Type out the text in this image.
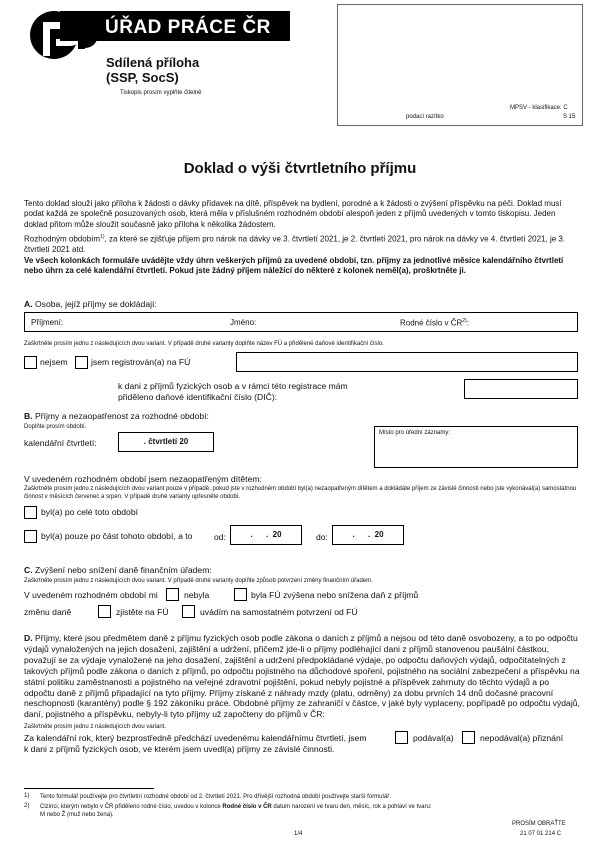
ÚŘAD PRÁCE ČR
Sdílená příloha
(SSP, SocS)
Tiskopis prosím vyplňte čitelně
podací razítko
MPSV - klasifikace: C
S 15
Doklad o výši čtvrtletního příjmu
Tento doklad slouží jako příloha k žádosti o dávky přídavek na dítě, příspěvek na bydlení, porodné a k žádosti o zvýšení příspěvku na péči. Doklad musí podat každá ze společně posuzovaných osob, která měla v příslušném rozhodném období alespoň jeden z příjmů uvedených v tomto tiskopisu. Jeden doklad přitom může sloužit současně jako příloha k několika žádostem.
Rozhodným obdobím$^{1)}$, za které se zjišťuje příjem pro nárok na dávky ve 3. čtvrtletí 2021, je 2. čtvrtletí 2021, pro nárok na dávky ve 4. čtvrtletí 2021, je 3. čtvrtletí 2021 atd.
Ve všech kolonkách formuláře uvádějte vždy úhrn veškerých příjmů za uvedené období, tzn. příjmy za jednotlivé měsíce kalendářního čtvrtletí nebo úhrn za celé kalendářní čtvrtletí. Pokud jste žádný příjem náležící do některé z kolonek neměl(a), proškrtněte ji.
A. Osoba, jejíž příjmy se dokládají:
Příjmení:	Jméno:	Rodné číslo v ČR$^{2)}$:
Zaškrtněte prosím jednu z následujících dvou variant. V případě druhé varianty doplňte název FÚ a přidělené daňové identifikační číslo.
nejsem	jsem registrován(a) na FÚ
k dani z příjmů fyzických osob a v rámci této registrace mám přiděleno daňové identifikační číslo (DIČ):
B. Příjmy a nezaopatřenost za rozhodné období:
Doplňte prosím období.
kalendářní čtvrtletí:	. čtvrtletí 20
Místo pro úřední záznamy:
V uvedeném rozhodném období jsem nezaopatřeným dítětem:
Zaškrtněte prosím jednu z následujících dvou variant pouze v případě, pokud jste v rozhodném období byl(a) nezaopatřeným dítětem a dokládáte příjem ze závislé činnosti nebo jste vykonával(a) samostatnou činnost v měsících červenec a srpen. V případě druhé varianty upřesněte období.
byl(a) po celé toto období
byl(a) pouze po část tohoto období, a to	od:	.      .  20	do:	.      .  20
C. Zvýšení nebo snížení daně finančním úřadem:
Zaškrtněte prosím jednu z následujících dvou variant. V případě druhé varianty doplňte způsob potvrzení změny finančním úřadem.
V uvedeném rozhodném období mi	nebyla	byla FÚ zvýšena nebo snížena daň z příjmů
změnu daně	zjistěte na FÚ	uvádím na samostatném potvrzení od FÚ
D. Příjmy, které jsou předmětem daně z příjmu fyzických osob podle zákona o daních z příjmů a nejsou od této daně osvobozeny, a to po odpočtu výdajů vynaložených na jejich dosažení, zajištění a udržení, přičemž jde-li o příjmy podléhající dani z příjmů stanovenou paušální částkou, považují se za výdaje vynaložené na jeho dosažení, zajištění a udržení předpokládané výdaje, po odpočtu daňových výdajů, odpočitatelných z takových příjmů podle zákona o daních z příjmů, po odpočtu pojistného na důchodové spoření, pojistného na sociální zabezpečení a příspěvku na státní politiku zaměstnanosti a pojistného na veřejné zdravotní pojištění, pokud nebyly pojistné a příspěvek zahrnuty do těchto výdajů a po odpočtu daně z příjmů připadající na tyto příjmy. Příjmy získané z náhrady mzdy (platu, odměny) za dobu prvních 14 dnů dočasné pracovní neschopnosti (karantény) podle § 192 zákoníku práce. Obdobné příjmy ze zahraničí v částce, v jaké byly vyplaceny, popřípadě po odpočtu výdajů, daní, pojistného a příspěvku, nebyly-li tyto příjmy už započteny do příjmů v ČR:
Zaškrtněte prosím jednu z následujících dvou variant.
Za kalendářní rok, který bezprostředně předchází uvedenému kalendářnímu čtvrtletí, jsem	podával(a)	nepodával(a) přiznání
k dani z příjmů fyzických osob, ve kterém jsem uvedl(a) příjmy ze závislé činnosti.
1) Tento formulář používejte pro čtvrtletní rozhodné období od 2. čtvrtletí 2021. Pro dřívější rozhodná období používejte starší formulář.
2) Cizinci, kterým nebylo v ČR přiděleno rodné číslo, uvedou v kolonce Rodné číslo v ČR datum narození ve tvaru den, měsíc, rok a pohlaví ve tvaru:
M nebo Ž (muž nebo žena).
1/4
PROSÍM OBRAŤTE
21 07 01 214 C
